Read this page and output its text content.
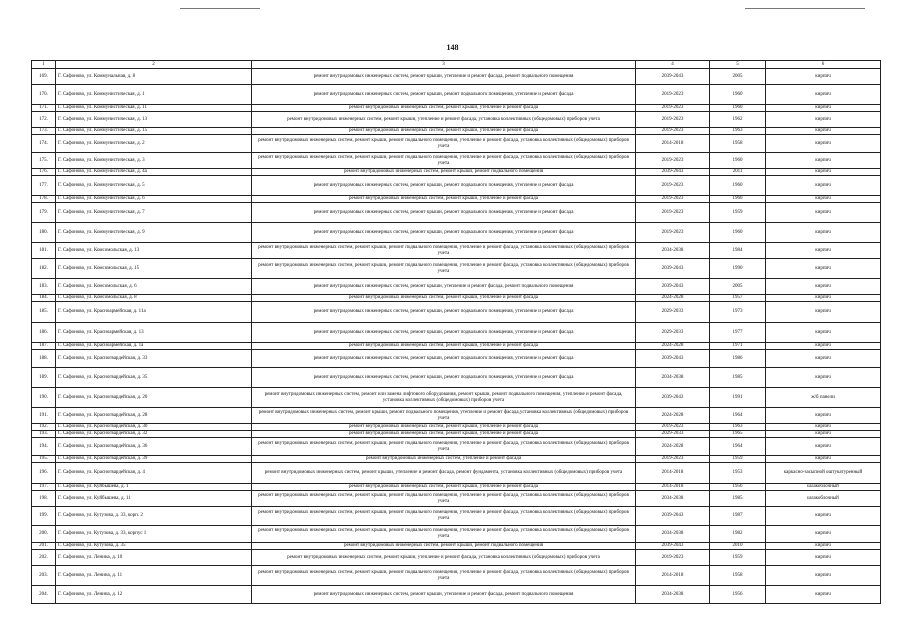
148
1	2	3	4	5	6
169.	Г. Сафоново, ул. Коммунальная, д. 8	ремонт внутридомовых инженерных систем, ремонт крыши, утепление и ремонт фасада, ремонт подвального помещения	2039-2043	2005	кирпич
170.	Г. Сафоново, ул. Коммунистическая, д. 1	ремонт внутридомовых инженерных систем, ремонт крыши, ремонт подвального помещения, утепление и ремонт фасада	2019-2023	1960	кирпич
171.	Г. Сафоново, ул. Коммунистическая, д. 11	ремонт внутридомовых инженерных систем, ремонт крыши, утепление и ремонт фасада	2019-2023	1960	кирпич
172.	Г. Сафоново, ул. Коммунистическая, д. 13	ремонт внутридомовых инженерных систем, ремонт крыши, утепление и ремонт фасада, установка коллективных (общедомовых) приборов учета	2019-2023	1962	кирпич
173.	Г. Сафоново, ул. Коммунистическая, д. 15	ремонт внутридомовых инженерных систем, ремонт крыши, утепление и ремонт фасада	2019-2023	1963	кирпич
174.	Г. Сафоново, ул. Коммунистическая, д. 2	ремонт внутридомовых инженерных систем, ремонт крыши, ремонт подвального помещения, утепление и ремонт фасада, установка коллективных (общедомовых) приборов учета	2014-2018	1958	кирпич
175.	Г. Сафоново, ул. Коммунистическая, д. 3	ремонт внутридомовых инженерных систем, ремонт крыши, ремонт подвального помещения, утепление и ремонт фасада, установка коллективных (общедомовых) приборов учета	2019-2023	1960	кирпич
176.	Г. Сафоново, ул. Коммунистическая, д. 4а	ремонт внутридомовых инженерных систем, ремонт крыши, ремонт подвального помещения	2039-2043	2011	кирпич
177.	Г. Сафоново, ул. Коммунистическая, д. 5	ремонт внутридомовых инженерных систем, ремонт крыши, ремонт подвального помещения, утепление и ремонт фасада	2019-2023	1960	кирпич
178.	Г. Сафоново, ул. Коммунистическая, д. 6	ремонт внутридомовых инженерных систем, ремонт крыши, утепление и ремонт фасада	2019-2023	1960	кирпич
179.	Г. Сафоново, ул. Коммунистическая, д. 7	ремонт внутридомовых инженерных систем, ремонт крыши, ремонт подвального помещения, утепление и ремонт фасада	2019-2023	1959	кирпич
180.	Г. Сафоново, ул. Коммунистическая, д. 9	ремонт внутридомовых инженерных систем, ремонт крыши, ремонт подвального помещения, утепление и ремонт фасада	2019-2023	1960	кирпич
181.	Г. Сафоново, ул. Комсомольская, д. 13	ремонт внутридомовых инженерных систем, ремонт крыши, ремонт подвального помещения, утепление и ремонт фасада, установка коллективных (общедомовых) приборов учета	2034-2038	1984	кирпич
182.	Г. Сафоново, ул. Комсомольская, д. 15	ремонт внутридомовых инженерных систем, ремонт крыши, ремонт подвального помещения, утепление и ремонт фасада, установка коллективных (общедомовых) приборов учета	2039-2043	1990	кирпич
183.	Г. Сафоново, ул. Комсомольская, д. 6	ремонт внутридомовых инженерных систем, ремонт крыши, утепление и ремонт фасада, ремонт подвального помещения	2039-2043	2005	кирпич
184.	Г. Сафоново, ул. Комсомольская, д. 8	ремонт внутридомовых инженерных систем, ремонт крыши, утепление и ремонт фасада	2024-2028	1957	кирпич
185.	Г. Сафоново, ул. Красноармейская, д. 11а	ремонт внутридомовых инженерных систем, ремонт крыши, ремонт подвального помещения, утепление и ремонт фасада	2029-2033	1973	кирпич
186.	Г. Сафоново, ул. Красноармейская, д. 13	ремонт внутридомовых инженерных систем, ремонт крыши, ремонт подвального помещения, утепление и ремонт фасада	2029-2033	1977	кирпич
187.	Г. Сафоново, ул. Красноармейская, д. 1а	ремонт внутридомовых инженерных систем, ремонт крыши, утепление и ремонт фасада	2024-2028	1971	кирпич
188.	Г. Сафоново, ул. Красногвардейская, д. 33	ремонт внутридомовых инженерных систем, ремонт крыши, ремонт подвального помещения, утепление и ремонт фасада	2039-2043	1986	кирпич
189.	Г. Сафоново, ул. Красногвардейская, д. 35	ремонт внутридомовых инженерных систем, ремонт крыши, ремонт подвального помещения, утепление и ремонт фасада	2034-2038	1985	кирпич
190.	Г. Сафоново, ул. Красногвардейская, д. 20	ремонт внутридомовых инженерных систем, ремонт или замена лифтового оборудования, ремонт крыши, ремонт подвального помещения, утепление и ремонт фасада, установка коллективных (общедомовых) приборов учета	2039-2043	1991	ж/б панели
191.	Г. Сафоново, ул. Красногвардейская, д. 28	ремонт внутридомовых инженерных систем, ремонт крыши, ремонт подвального помещения, утепление и ремонт фасада,установка коллективных (общедомовых) приборов учета	2024-2028	1964	кирпич
192.	Г. Сафоново, ул. Красногвардейская, д. 30	ремонт внутридомовых инженерных систем, ремонт крыши, утепление и ремонт фасада	2019-2023	1963	кирпич
193.	Г. Сафоново, ул. Красногвардейская, д. 32	ремонт внутридомовых инженерных систем, ремонт крыши, утепление и ремонт фасада	2029-2033	1965	кирпич
194.	Г. Сафоново, ул. Красногвардейская, д. 36	ремонт внутридомовых инженерных систем, ремонт крыши, ремонт подвального помещения, утепление и ремонт фасада, установка коллективных (общедомовых) приборов учета	2024-2028	1964	кирпич
195.	Г. Сафоново, ул. Красногвардейская, д. 39	ремонт внутридомовых инженерных систем, утепление и ремонт фасада	2019-2023	1959	кирпич
196.	Г. Сафоново, ул. Красногвардейская, д. 4	ремонт внутридомовых инженерных систем, ремонт крыши, утепление и ремонт фасада, ремонт фундамента, установка коллективных (общедомовых) приборов учета	2014-2018	1953	каркасно-засыпной оштукатуренный
197.	Г. Сафоново, ул. Куйбышева, д. 1	ремонт внутридомовых инженерных систем, ремонт крыши, утепление и ремонт фасада	2014-2018	1956	шлакоблочный
198.	Г. Сафоново, ул. Куйбышева, д. 11	ремонт внутридомовых инженерных систем, ремонт крыши, ремонт подвального помещения, утепление и ремонт фасада, установка коллективных (общедомовых) приборов учета	2034-2038	1985	шлакоблочный
199.	Г. Сафоново, ул. Кутузова, д. 33, корп. 2	ремонт внутридомовых инженерных систем, ремонт крыши, ремонт подвального помещения, утепление и ремонт фасада, установка коллективных (общедомовых) приборов учета	2039-2043	1987	кирпич
200.	Г. Сафоново, ул. Кутузова, д. 33, корпус 1	ремонт внутридомовых инженерных систем, ремонт крыши, ремонт подвального помещения, утепление и ремонт фасада, установка коллективных (общедомовых) приборов учета	2034-2038	1982	кирпич
201.	Г. Сафоново, ул. Кутузова, д. 35	ремонт внутридомовых инженерных систем, ремонт крыши, ремонт подвального помещения	2039-2043	2010	кирпич
202.	Г. Сафоново, ул. Ленина, д. 10	ремонт внутридомовых инженерных систем, ремонт крыши, утепление и ремонт фасада, установка коллективных (общедомовых) приборов учета	2019-2023	1959	кирпич
203.	Г. Сафоново, ул. Ленина, д. 11	ремонт внутридомовых инженерных систем, ремонт крыши, ремонт подвального помещения, утепление и ремонт фасада, установка коллективных (общедомовых) приборов учета	2014-2018	1958	кирпич
204.	Г. Сафоново, ул. Ленина, д. 12	ремонт внутридомовых инженерных систем, ремонт крыши, утепление и ремонт фасада, ремонт подвального помещения	2034-2038	1956	кирпич
